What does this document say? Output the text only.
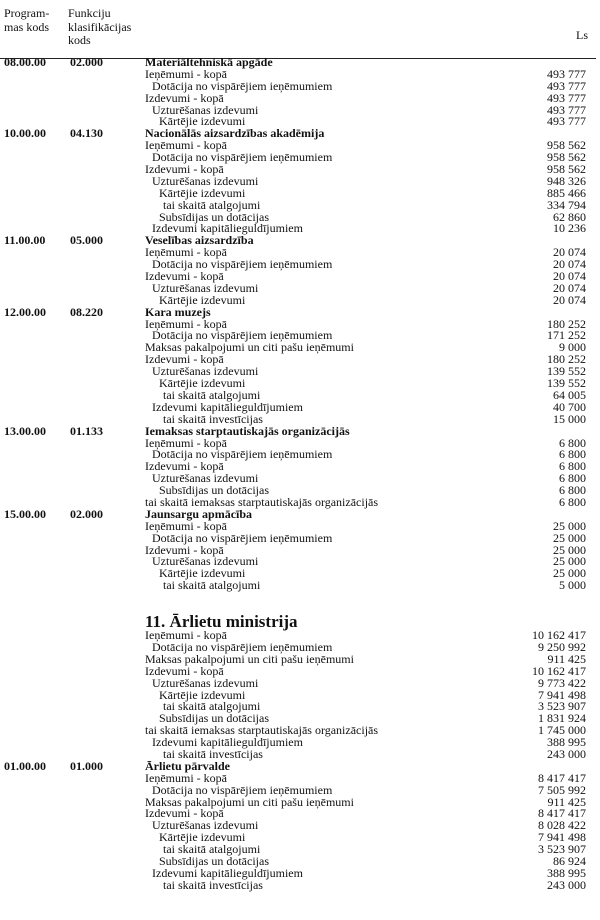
Program-
mas kods
Funkciju
klasifikācijas
kods	Ls
08.00.00 02.000	Materiāltehniskā apgāde
Ieņēmumi - kopā	493 777
Dotācija no vispārējiem ieņēmumiem	493 777
Izdevumi - kopā	493 777
Uzturēšanas izdevumi	493 777
Kārtējie izdevumi	493 777
10.00.00 04.130	Nacionālās aizsardzības akadēmija
Ieņēmumi - kopā	958 562
Dotācija no vispārējiem ieņēmumiem	958 562
Izdevumi - kopā	958 562
Uzturēšanas izdevumi	948 326
Kārtējie izdevumi	885 466
tai skaitā atalgojumi	334 794
Subsīdijas un dotācijas	62 860
Izdevumi kapitālieguldījumiem	10 236
11.00.00 05.000	Veselības aizsardzība
Ieņēmumi - kopā	20 074
Dotācija no vispārējiem ieņēmumiem	20 074
Izdevumi - kopā	20 074
Uzturēšanas izdevumi	20 074
Kārtējie izdevumi	20 074
12.00.00 08.220	Kara muzejs
Ieņēmumi - kopā	180 252
Dotācija no vispārējiem ieņēmumiem	171 252
Maksas pakalpojumi un citi pašu ieņēmumi	9 000
Izdevumi - kopā	180 252
Uzturēšanas izdevumi	139 552
Kārtējie izdevumi	139 552
tai skaitā atalgojumi	64 005
Izdevumi kapitālieguldījumiem	40 700
tai skaitā investīcijas	15 000
13.00.00 01.133	Iemaksas starptautiskajās organizācijās
Ieņēmumi - kopā	6 800
Dotācija no vispārējiem ieņēmumiem	6 800
Izdevumi - kopā	6 800
Uzturēšanas izdevumi	6 800
Subsīdijas un dotācijas	6 800
tai skaitā iemaksas starptautiskajās organizācijās	6 800
15.00.00 02.000	Jaunsargu apmācība
Ieņēmumi - kopā	25 000
Dotācija no vispārējiem ieņēmumiem	25 000
Izdevumi - kopā	25 000
Uzturēšanas izdevumi	25 000
Kārtējie izdevumi	25 000
tai skaitā atalgojumi	5 000
11. Ārlietu ministrija
Ieņēmumi - kopā	10 162 417
Dotācija no vispārējiem ieņēmumiem	9 250 992
Maksas pakalpojumi un citi pašu ieņēmumi	911 425
Izdevumi - kopā	10 162 417
Uzturēšanas izdevumi	9 773 422
Kārtējie izdevumi	7 941 498
tai skaitā atalgojumi	3 523 907
Subsīdijas un dotācijas	1 831 924
tai skaitā iemaksas starptautiskajās organizācijās	1 745 000
Izdevumi kapitālieguldījumiem	388 995
tai skaitā investīcijas	243 000
01.00.00 01.000	Ārlietu pārvalde
Ieņēmumi - kopā	8 417 417
Dotācija no vispārējiem ieņēmumiem	7 505 992
Maksas pakalpojumi un citi pašu ieņēmumi	911 425
Izdevumi - kopā	8 417 417
Uzturēšanas izdevumi	8 028 422
Kārtējie izdevumi	7 941 498
tai skaitā atalgojumi	3 523 907
Subsīdijas un dotācijas	86 924
Izdevumi kapitālieguldījumiem	388 995
tai skaitā investīcijas	243 000
